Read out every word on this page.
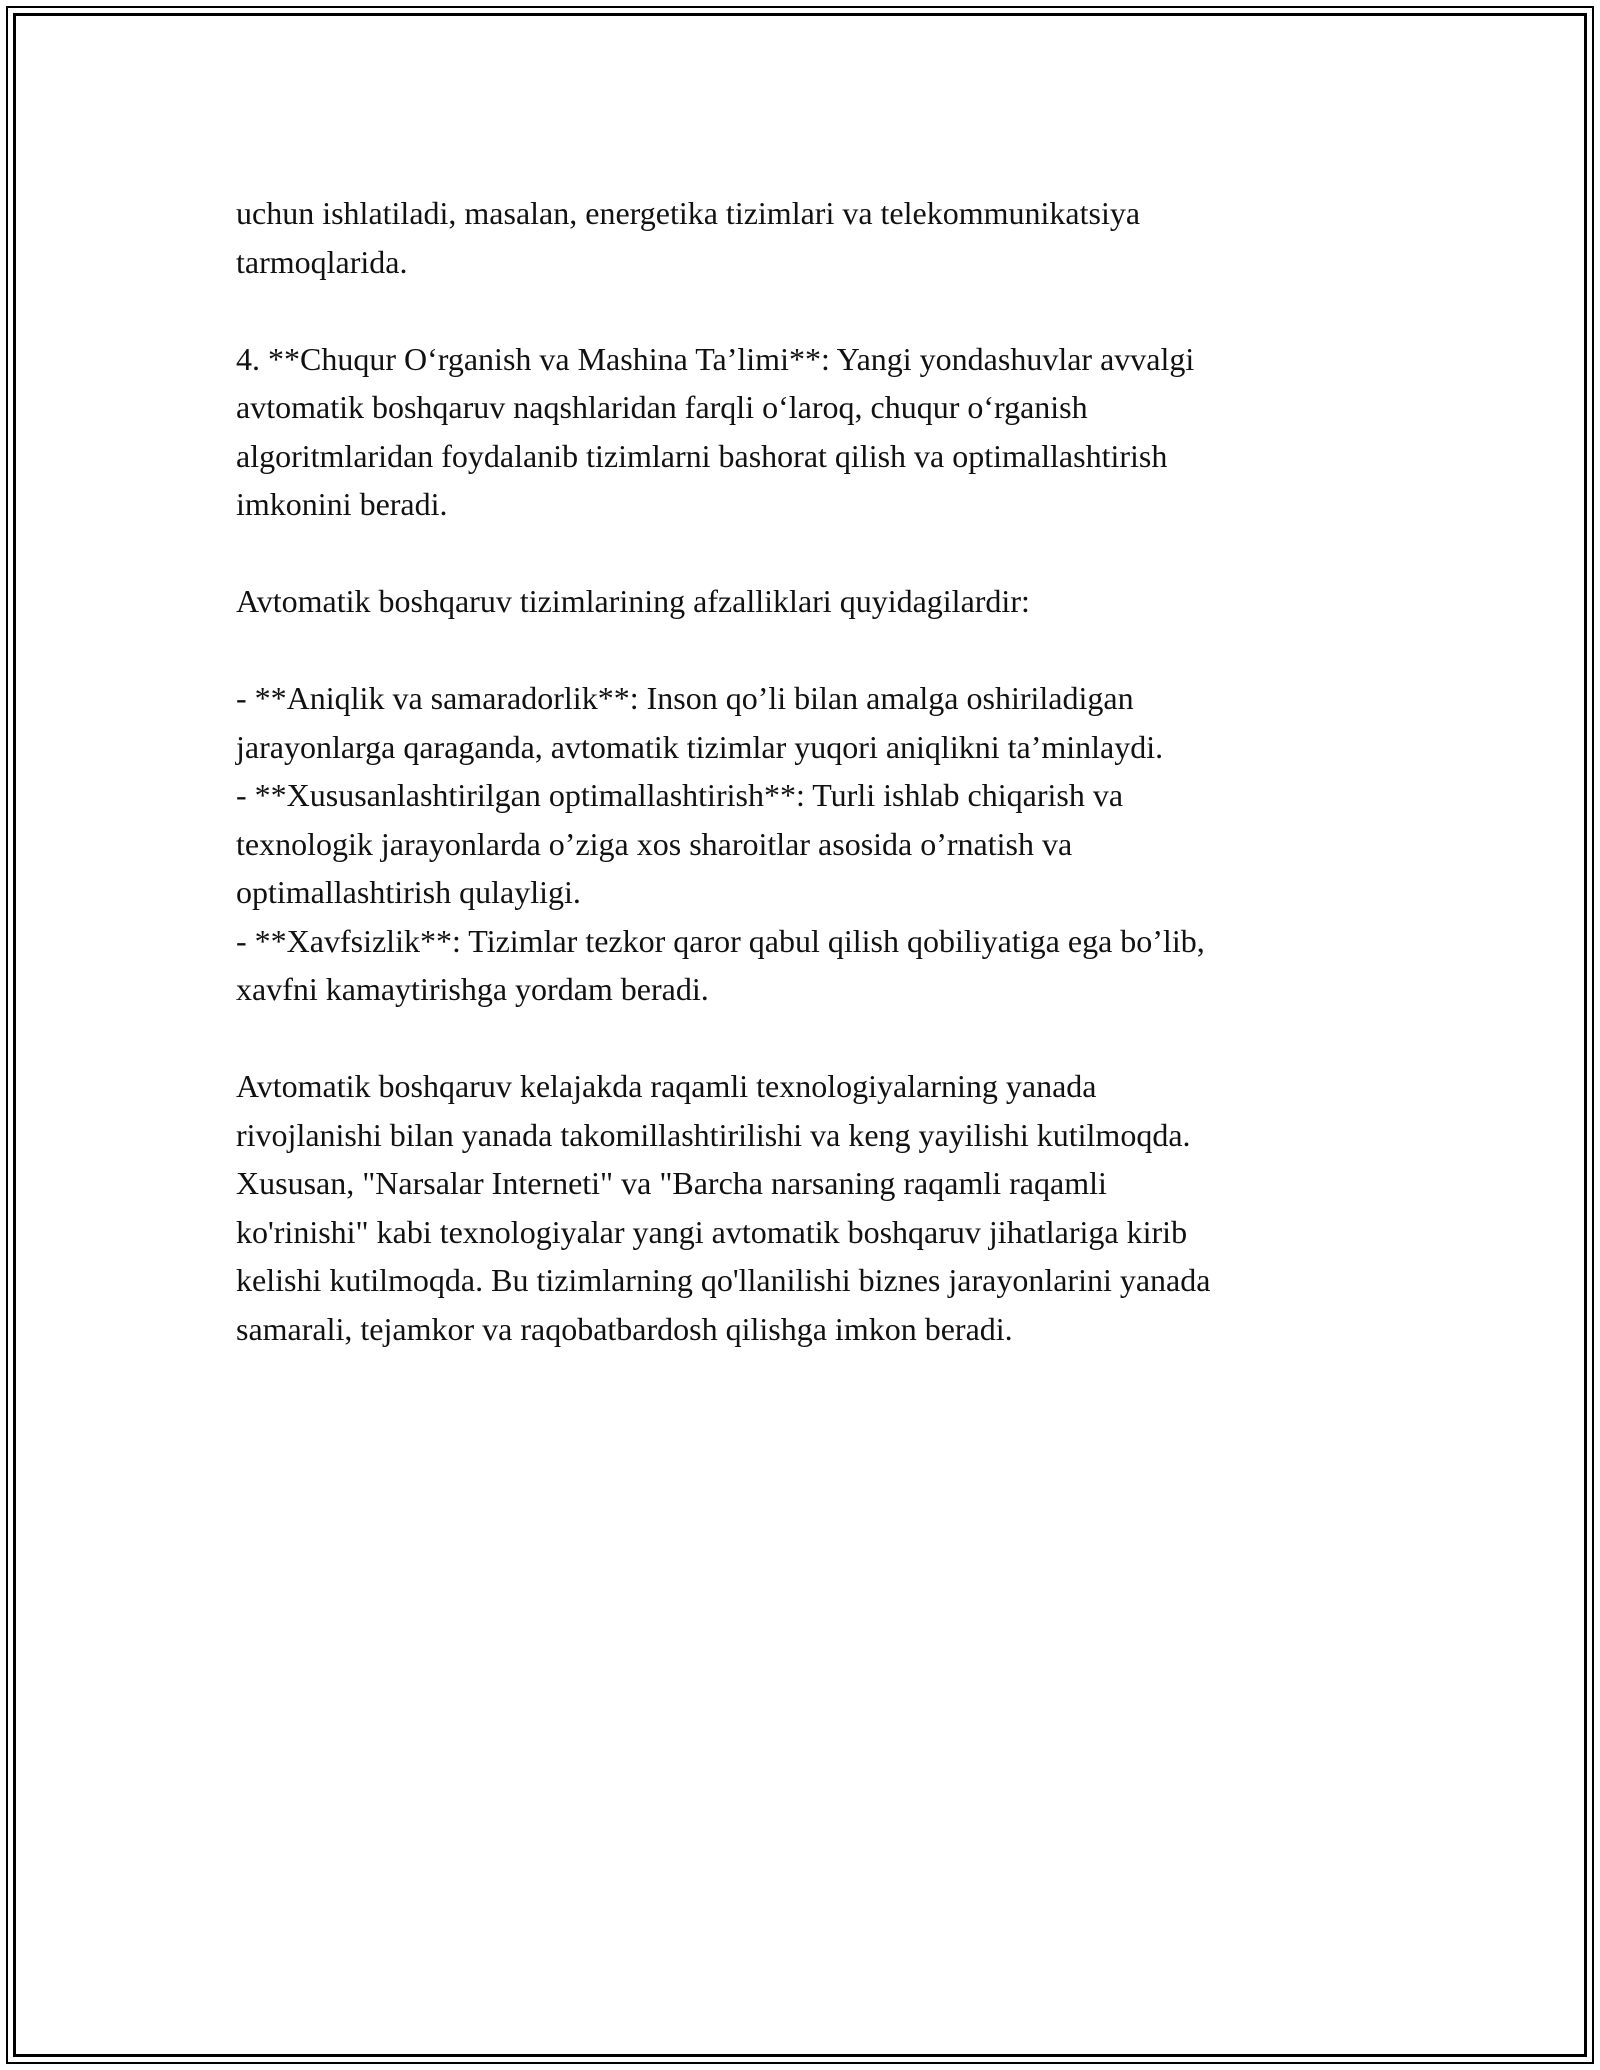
uchun ishlatiladi, masalan, energetika tizimlari va telekommunikatsiya
tarmoqlarida.
4. **Chuqur O‘rganish va Mashina Ta’limi**: Yangi yondashuvlar avvalgi
avtomatik boshqaruv naqshlaridan farqli o‘laroq, chuqur o‘rganish
algoritmlaridan foydalanib tizimlarni bashorat qilish va optimallashtirish
imkonini beradi.
Avtomatik boshqaruv tizimlarining afzalliklari quyidagilardir:
- **Aniqlik va samaradorlik**: Inson qo’li bilan amalga oshiriladigan
jarayonlarga qaraganda, avtomatik tizimlar yuqori aniqlikni ta’minlaydi.
- **Xususanlashtirilgan optimallashtirish**: Turli ishlab chiqarish va
texnologik jarayonlarda o’ziga xos sharoitlar asosida o’rnatish va
optimallashtirish qulayligi.
- **Xavfsizlik**: Tizimlar tezkor qaror qabul qilish qobiliyatiga ega bo’lib,
xavfni kamaytirishga yordam beradi.
Avtomatik boshqaruv kelajakda raqamli texnologiyalarning yanada
rivojlanishi bilan yanada takomillashtirilishi va keng yayilishi kutilmoqda.
Xususan, "Narsalar Interneti" va "Barcha narsaning raqamli raqamli
ko'rinishi" kabi texnologiyalar yangi avtomatik boshqaruv jihatlariga kirib
kelishi kutilmoqda. Bu tizimlarning qo'llanilishi biznes jarayonlarini yanada
samarali, tejamkor va raqobatbardosh qilishga imkon beradi.
